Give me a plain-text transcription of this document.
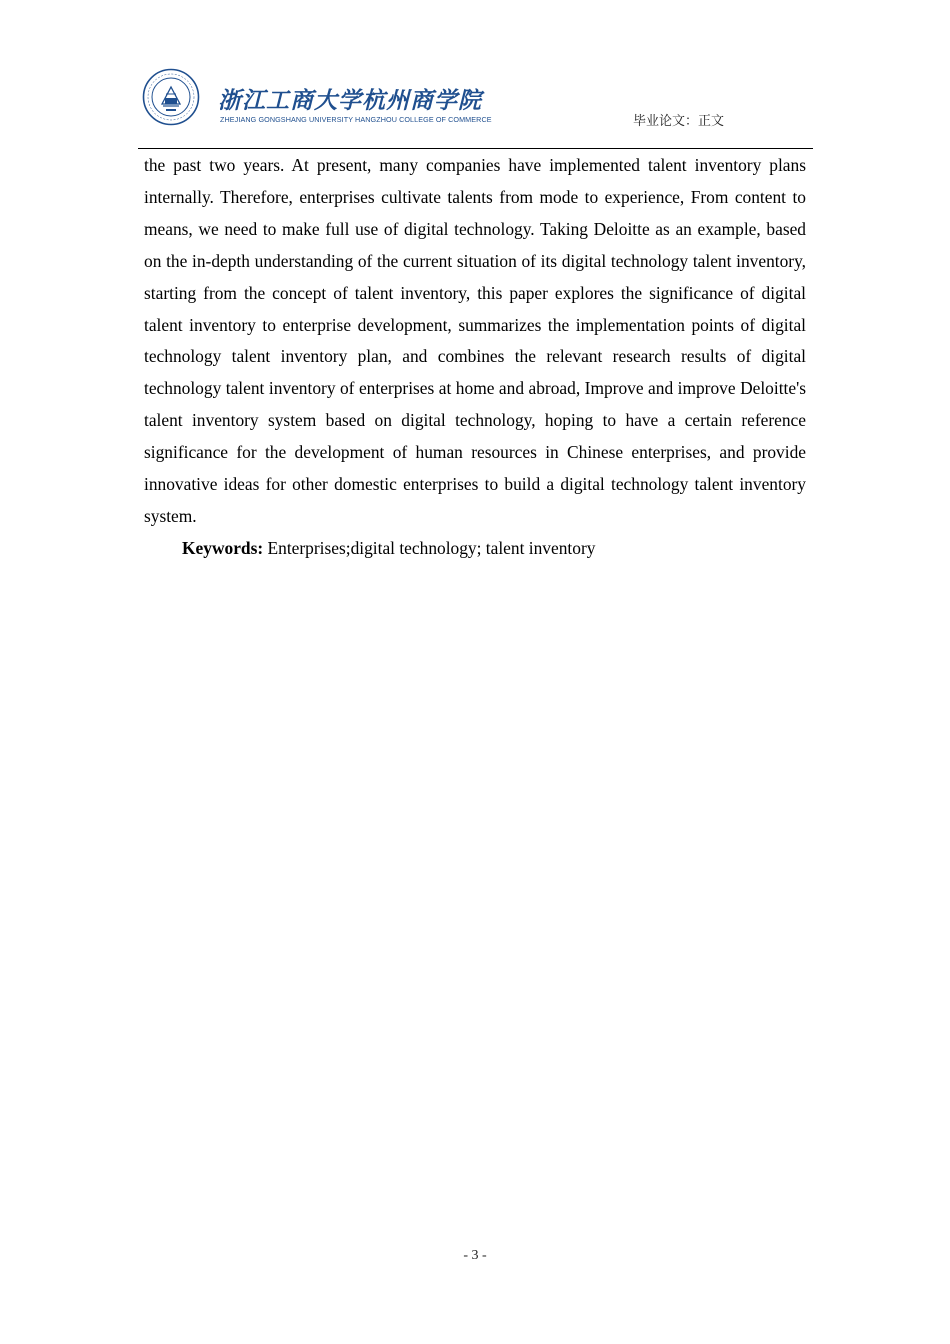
浙江工商大学杭州商学院
ZHEJIANG GONGSHANG UNIVERSITY HANGZHOU COLLEGE OF COMMERCE	毕业论文：正文

the past two years. At present, many companies have implemented talent inventory plans internally. Therefore, enterprises cultivate talents from mode to experience, From content to means, we need to make full use of digital technology. Taking Deloitte as an example, based on the in-depth understanding of the current situation of its digital technology talent inventory, starting from the concept of talent inventory, this paper explores the significance of digital talent inventory to enterprise development, summarizes the implementation points of digital technology talent inventory plan, and combines the relevant research results of digital technology talent inventory of enterprises at home and abroad, Improve and improve Deloitte's talent inventory system based on digital technology, hoping to have a certain reference significance for the development of human resources in Chinese enterprises, and provide innovative ideas for other domestic enterprises to build a digital technology talent inventory system.

Keywords: Enterprises;digital technology; talent inventory

- 3 -
